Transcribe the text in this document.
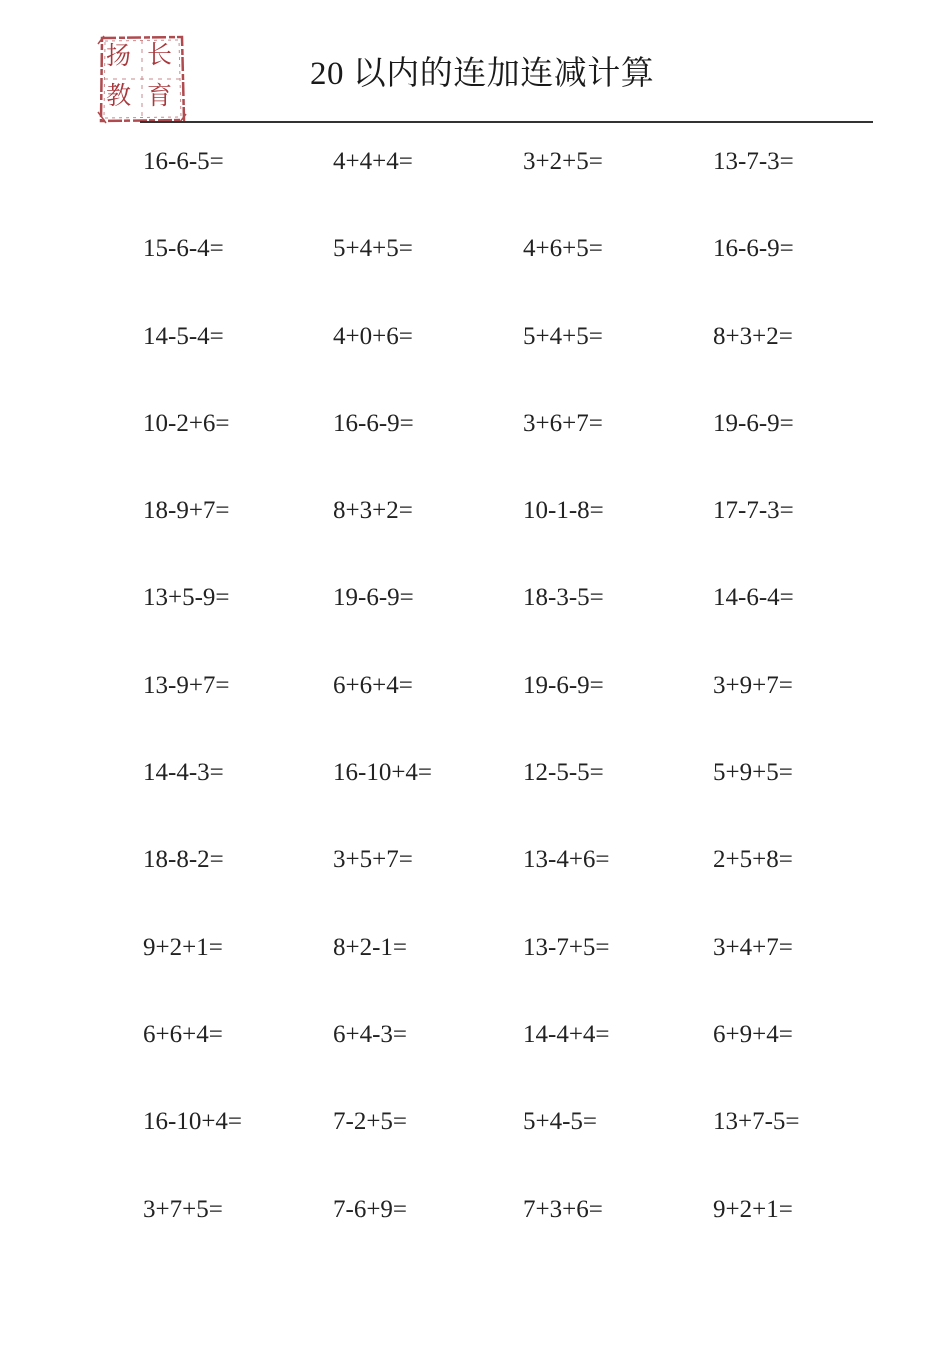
扬 长
教 育
20 以内的连加连减计算
16-6-5=	4+4+4=	3+2+5=	13-7-3=
15-6-4=	5+4+5=	4+6+5=	16-6-9=
14-5-4=	4+0+6=	5+4+5=	8+3+2=
10-2+6=	16-6-9=	3+6+7=	19-6-9=
18-9+7=	8+3+2=	10-1-8=	17-7-3=
13+5-9=	19-6-9=	18-3-5=	14-6-4=
13-9+7=	6+6+4=	19-6-9=	3+9+7=
14-4-3=	16-10+4=	12-5-5=	5+9+5=
18-8-2=	3+5+7=	13-4+6=	2+5+8=
9+2+1=	8+2-1=	13-7+5=	3+4+7=
6+6+4=	6+4-3=	14-4+4=	6+9+4=
16-10+4=	7-2+5=	5+4-5=	13+7-5=
3+7+5=	7-6+9=	7+3+6=	9+2+1=
